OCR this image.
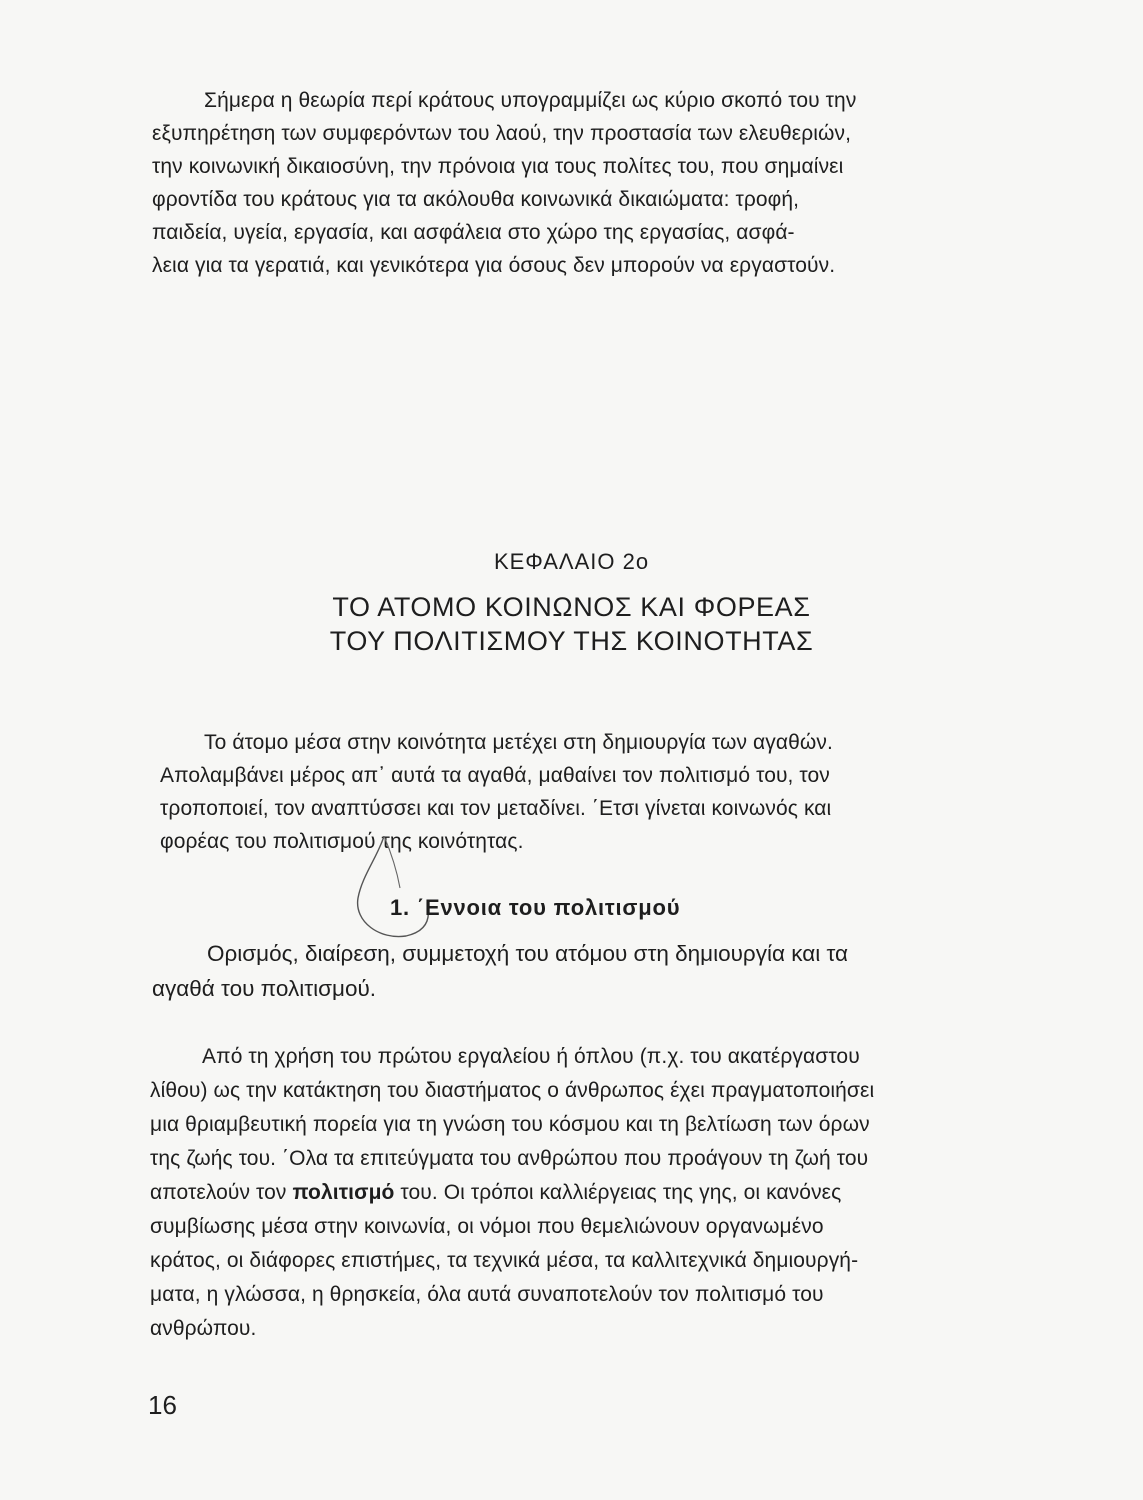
Σήμερα η θεωρία περί κράτους υπογραμμίζει ως κύριο σκοπό του την
εξυπηρέτηση των συμφερόντων του λαού, την προστασία των ελευθεριών,
την κοινωνική δικαιοσύνη, την πρόνοια για τους πολίτες του, που σημαίνει
φροντίδα του κράτους για τα ακόλουθα κοινωνικά δικαιώματα: τροφή,
παιδεία, υγεία, εργασία, και ασφάλεια στο χώρο της εργασίας, ασφά-
λεια για τα γερατιά, και γενικότερα για όσους δεν μπορούν να εργαστούν.
ΚΕΦΑΛΑΙΟ 2ο
ΤΟ ΑΤΟΜΟ ΚΟΙΝΩΝΟΣ ΚΑΙ ΦΟΡΕΑΣ
ΤΟΥ ΠΟΛΙΤΙΣΜΟΥ ΤΗΣ ΚΟΙΝΟΤΗΤΑΣ
Το άτομο μέσα στην κοινότητα μετέχει στη δημιουργία των αγαθών.
Απολαμβάνει μέρος απ᾽ αυτά τα αγαθά, μαθαίνει τον πολιτισμό του, τον
τροποποιεί, τον αναπτύσσει και τον μεταδίνει. ΄Ετσι γίνεται κοινωνός και
φορέας του πολιτισμού της κοινότητας.
1. ΄Εννοια του πολιτισμού
Ορισμός, διαίρεση, συμμετοχή του ατόμου στη δημιουργία και τα
αγαθά του πολιτισμού.
Από τη χρήση του πρώτου εργαλείου ή όπλου (π.χ. του ακατέργαστου
λίθου) ως την κατάκτηση του διαστήματος ο άνθρωπος έχει πραγματοποιήσει
μια θριαμβευτική πορεία για τη γνώση του κόσμου και τη βελτίωση των όρων
της ζωής του. ΄Ολα τα επιτεύγματα του ανθρώπου που προάγουν τη ζωή του
αποτελούν τον πολιτισμό του. Οι τρόποι καλλιέργειας της γης, οι κανόνες
συμβίωσης μέσα στην κοινωνία, οι νόμοι που θεμελιώνουν οργανωμένο
κράτος, οι διάφορες επιστήμες, τα τεχνικά μέσα, τα καλλιτεχνικά δημιουργή-
ματα, η γλώσσα, η θρησκεία, όλα αυτά συναποτελούν τον πολιτισμό του
ανθρώπου.
16
